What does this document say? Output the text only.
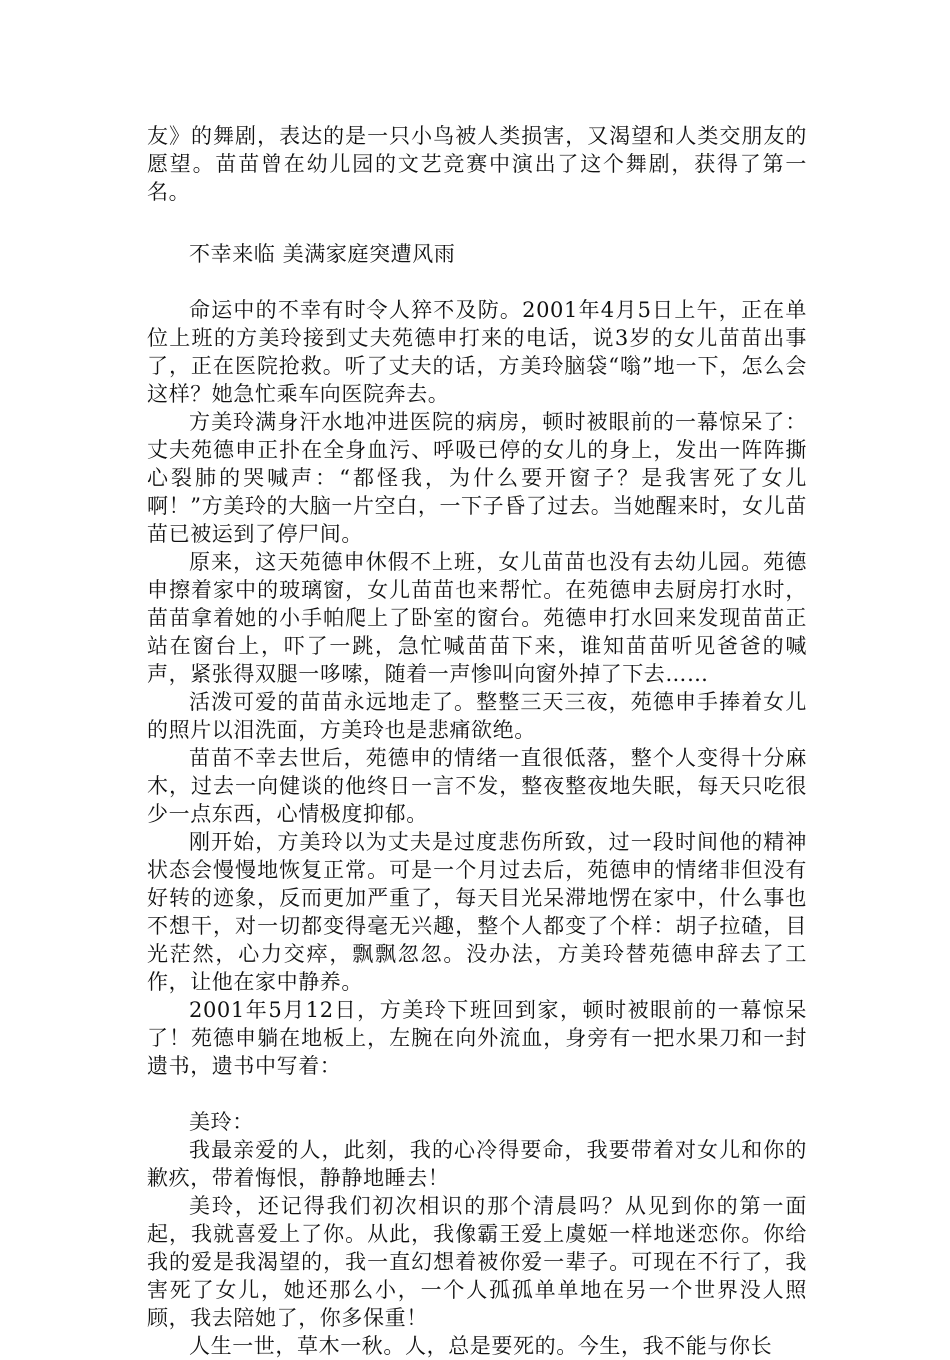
友》的舞剧，表达的是一只小鸟被人类损害，又渴望和人类交朋友的愿望。苗苗曾在幼儿园的文艺竞赛中演出了这个舞剧，获得了第一名。

不幸来临 美满家庭突遭风雨

命运中的不幸有时令人猝不及防。2001年4月5日上午，正在单位上班的方美玲接到丈夫苑德申打来的电话，说3岁的女儿苗苗出事了，正在医院抢救。听了丈夫的话，方美玲脑袋“嗡”地一下，怎么会这样？她急忙乘车向医院奔去。

方美玲满身汗水地冲进医院的病房，顿时被眼前的一幕惊呆了：丈夫苑德申正扑在全身血污、呼吸已停的女儿的身上，发出一阵阵撕心裂肺的哭喊声：“都怪我，为什么要开窗子？是我害死了女儿啊！”方美玲的大脑一片空白，一下子昏了过去。当她醒来时，女儿苗苗已被运到了停尸间。

原来，这天苑德申休假不上班，女儿苗苗也没有去幼儿园。苑德申擦着家中的玻璃窗，女儿苗苗也来帮忙。在苑德申去厨房打水时，苗苗拿着她的小手帕爬上了卧室的窗台。苑德申打水回来发现苗苗正站在窗台上，吓了一跳，急忙喊苗苗下来，谁知苗苗听见爸爸的喊声，紧张得双腿一哆嗦，随着一声惨叫向窗外掉了下去……

活泼可爱的苗苗永远地走了。整整三天三夜，苑德申手捧着女儿的照片以泪洗面，方美玲也是悲痛欲绝。

苗苗不幸去世后，苑德申的情绪一直很低落，整个人变得十分麻木，过去一向健谈的他终日一言不发，整夜整夜地失眠，每天只吃很少一点东西，心情极度抑郁。

刚开始，方美玲以为丈夫是过度悲伤所致，过一段时间他的精神状态会慢慢地恢复正常。可是一个月过去后，苑德申的情绪非但没有好转的迹象，反而更加严重了，每天目光呆滞地愣在家中，什么事也不想干，对一切都变得毫无兴趣，整个人都变了个样：胡子拉碴，目光茫然，心力交瘁，飘飘忽忽。没办法，方美玲替苑德申辞去了工作，让他在家中静养。

2001年5月12日，方美玲下班回到家，顿时被眼前的一幕惊呆了！苑德申躺在地板上，左腕在向外流血，身旁有一把水果刀和一封遗书，遗书中写着：

美玲：

我最亲爱的人，此刻，我的心冷得要命，我要带着对女儿和你的歉疚，带着悔恨，静静地睡去！

美玲，还记得我们初次相识的那个清晨吗？从见到你的第一面起，我就喜爱上了你。从此，我像霸王爱上虞姬一样地迷恋你。你给我的爱是我渴望的，我一直幻想着被你爱一辈子。可现在不行了，我害死了女儿，她还那么小，一个人孤孤单单地在另一个世界没人照顾，我去陪她了，你多保重！

人生一世，草木一秋。人，总是要死的。今生，我不能与你长
